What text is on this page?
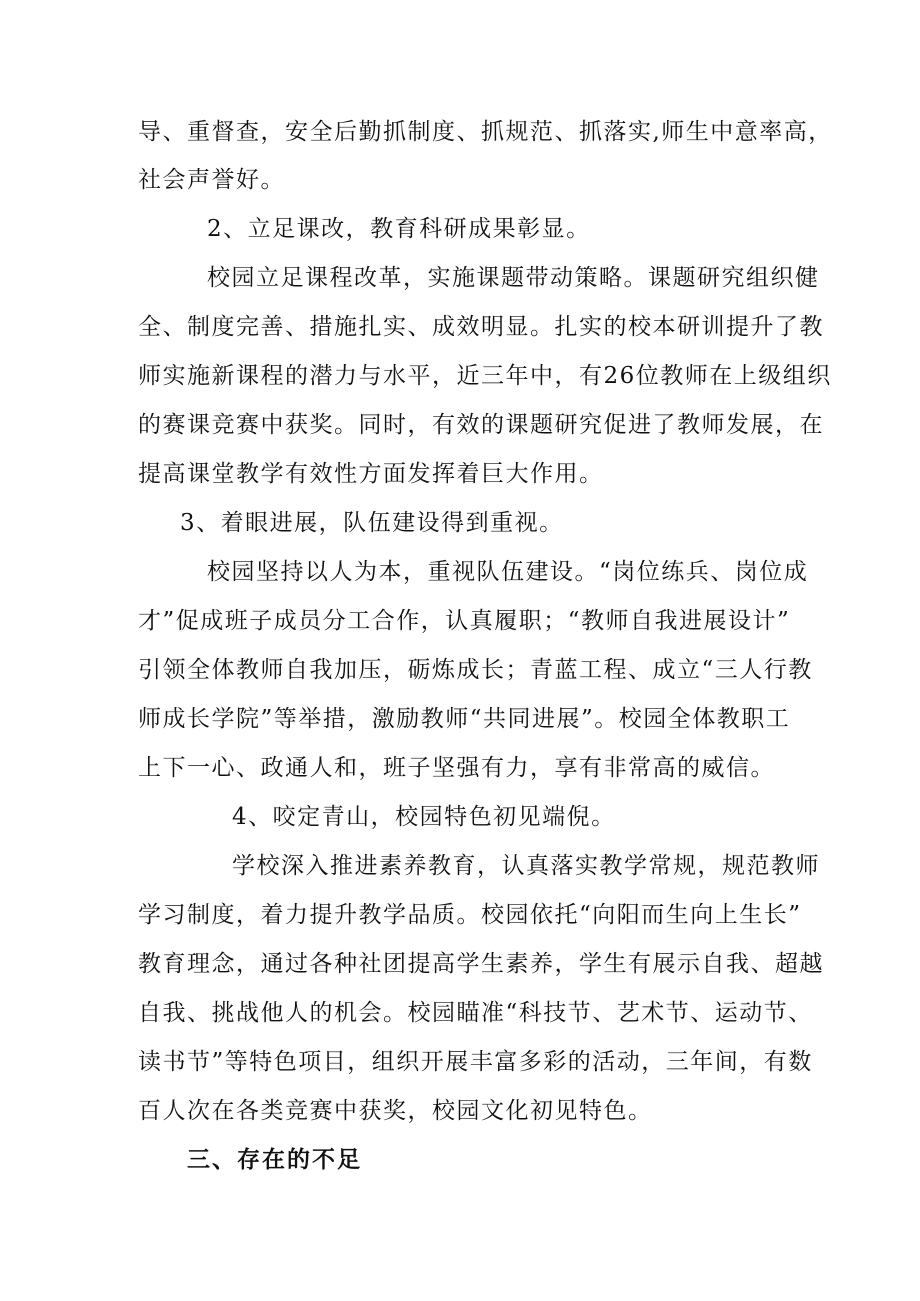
导、重督查，安全后勤抓制度、抓规范、抓落实,师生中意率高，
社会声誉好。
2、立足课改，教育科研成果彰显。
校园立足课程改革，实施课题带动策略。课题研究组织健
全、制度完善、措施扎实、成效明显。扎实的校本研训提升了教
师实施新课程的潜力与水平，近三年中，有26位教师在上级组织
的赛课竞赛中获奖。同时，有效的课题研究促进了教师发展，在
提高课堂教学有效性方面发挥着巨大作用。
3、着眼进展，队伍建设得到重视。
校园坚持以人为本，重视队伍建设。“岗位练兵、岗位成
才”促成班子成员分工合作，认真履职；“教师自我进展设计”
引领全体教师自我加压，砺炼成长；青蓝工程、成立“三人行教
师成长学院”等举措，激励教师“共同进展”。校园全体教职工
上下一心、政通人和，班子坚强有力，享有非常高的威信。
4、咬定青山，校园特色初见端倪。
学校深入推进素养教育，认真落实教学常规，规范教师
学习制度，着力提升教学品质。校园依托“向阳而生向上生长”
教育理念，通过各种社团提高学生素养，学生有展示自我、超越
自我、挑战他人的机会。校园瞄准“科技节、艺术节、运动节、
读书节”等特色项目，组织开展丰富多彩的活动，三年间，有数
百人次在各类竞赛中获奖，校园文化初见特色。
三、存在的不足
